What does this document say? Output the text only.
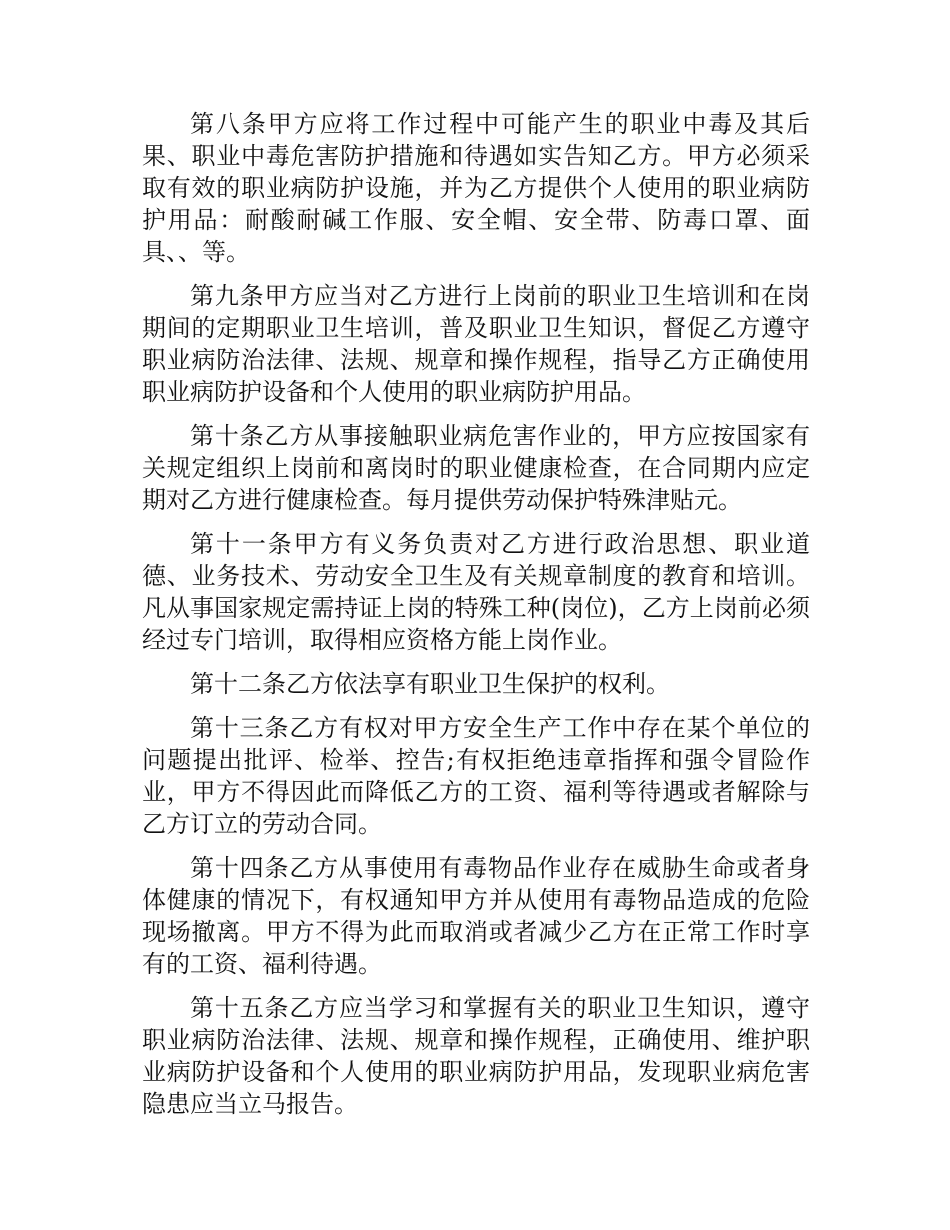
第八条甲方应将工作过程中可能产生的职业中毒及其后果、职业中毒危害防护措施和待遇如实告知乙方。甲方必须采取有效的职业病防护设施，并为乙方提供个人使用的职业病防护用品：耐酸耐碱工作服、安全帽、安全带、防毒口罩、面具、、等。

第九条甲方应当对乙方进行上岗前的职业卫生培训和在岗期间的定期职业卫生培训，普及职业卫生知识，督促乙方遵守职业病防治法律、法规、规章和操作规程，指导乙方正确使用职业病防护设备和个人使用的职业病防护用品。

第十条乙方从事接触职业病危害作业的，甲方应按国家有关规定组织上岗前和离岗时的职业健康检查，在合同期内应定期对乙方进行健康检查。每月提供劳动保护特殊津贴元。

第十一条甲方有义务负责对乙方进行政治思想、职业道德、业务技术、劳动安全卫生及有关规章制度的教育和培训。凡从事国家规定需持证上岗的特殊工种(岗位)，乙方上岗前必须经过专门培训，取得相应资格方能上岗作业。

第十二条乙方依法享有职业卫生保护的权利。

第十三条乙方有权对甲方安全生产工作中存在某个单位的问题提出批评、检举、控告;有权拒绝违章指挥和强令冒险作业，甲方不得因此而降低乙方的工资、福利等待遇或者解除与乙方订立的劳动合同。

第十四条乙方从事使用有毒物品作业存在威胁生命或者身体健康的情况下，有权通知甲方并从使用有毒物品造成的危险现场撤离。甲方不得为此而取消或者减少乙方在正常工作时享有的工资、福利待遇。

第十五条乙方应当学习和掌握有关的职业卫生知识，遵守职业病防治法律、法规、规章和操作规程，正确使用、维护职业病防护设备和个人使用的职业病防护用品，发现职业病危害隐患应当立马报告。
